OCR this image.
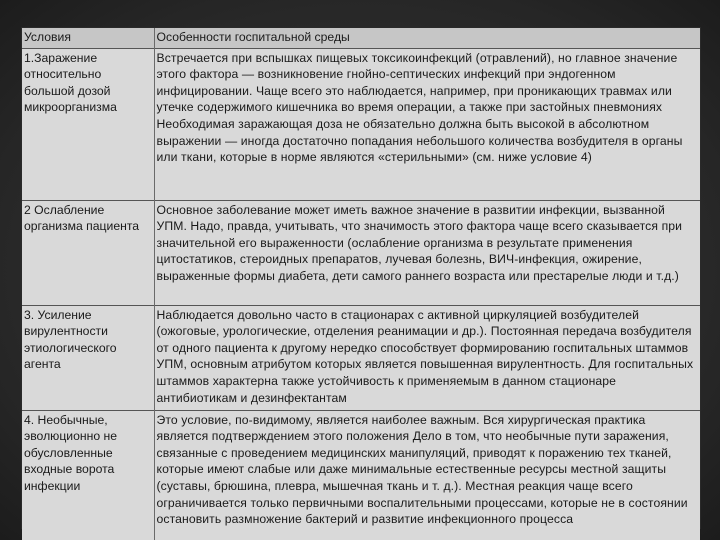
Условия	Особенности госпитальной среды
1.Заражение относительно большой дозой микроорганизма	Встречается при вспышках пищевых токсикоинфекций (отравлений), но главное значение этого фактора — возникновение гнойно-септических инфекций при эндогенном инфицировании. Чаще всего это наблюдается, например, при проникающих травмах или утечке содержимого кишечника во время операции, а также при застойных пневмониях Необходимая заражающая доза не обязательно должна быть высокой в абсолютном выражении — иногда достаточно попадания небольшого количества возбудителя в органы или ткани, которые в норме являются «стерильными» (см. ниже условие 4)
2 Ослабление организма пациента	Основное заболевание может иметь важное значение в развитии инфекции, вызванной УПМ. Надо, правда, учитывать, что значимость этого фактора чаще всего сказывается при значительной его выраженности (ослабление организма в результате применения цитостатиков, стероидных препаратов, лучевая болезнь, ВИЧ-инфекция, ожирение, выраженные формы диабета, дети самого раннего возраста или престарелые люди и т.д.)
3. Усиление вирулентности этиологического агента	Наблюдается довольно часто в стационарах с активной циркуляцией возбудителей (ожоговые, урологические, отделения реанимации и др.). Постоянная передача возбудителя от одного пациента к другому нередко способствует формированию госпитальных штаммов УПМ, основным атрибутом которых является повышенная вирулентность. Для госпитальных штаммов характерна также устойчивость к применяемым в данном стационаре антибиотикам и дезинфектантам
4. Необычные, эволюционно не обусловленные входные ворота инфекции	Это условие, по-видимому, является наиболее важным. Вся хирургическая практика является подтверждением этого положения Дело в том, что необычные пути заражения, связанные с проведением медицинских манипуляций, приводят к поражению тех тканей, которые имеют слабые или даже минимальные естественные ресурсы местной защиты (суставы, брюшина, плевра, мышечная ткань и т. д.). Местная реакция чаще всего ограничивается только первичными воспалительными процессами, которые не в состоянии остановить размножение бактерий и развитие инфекционного процесса
